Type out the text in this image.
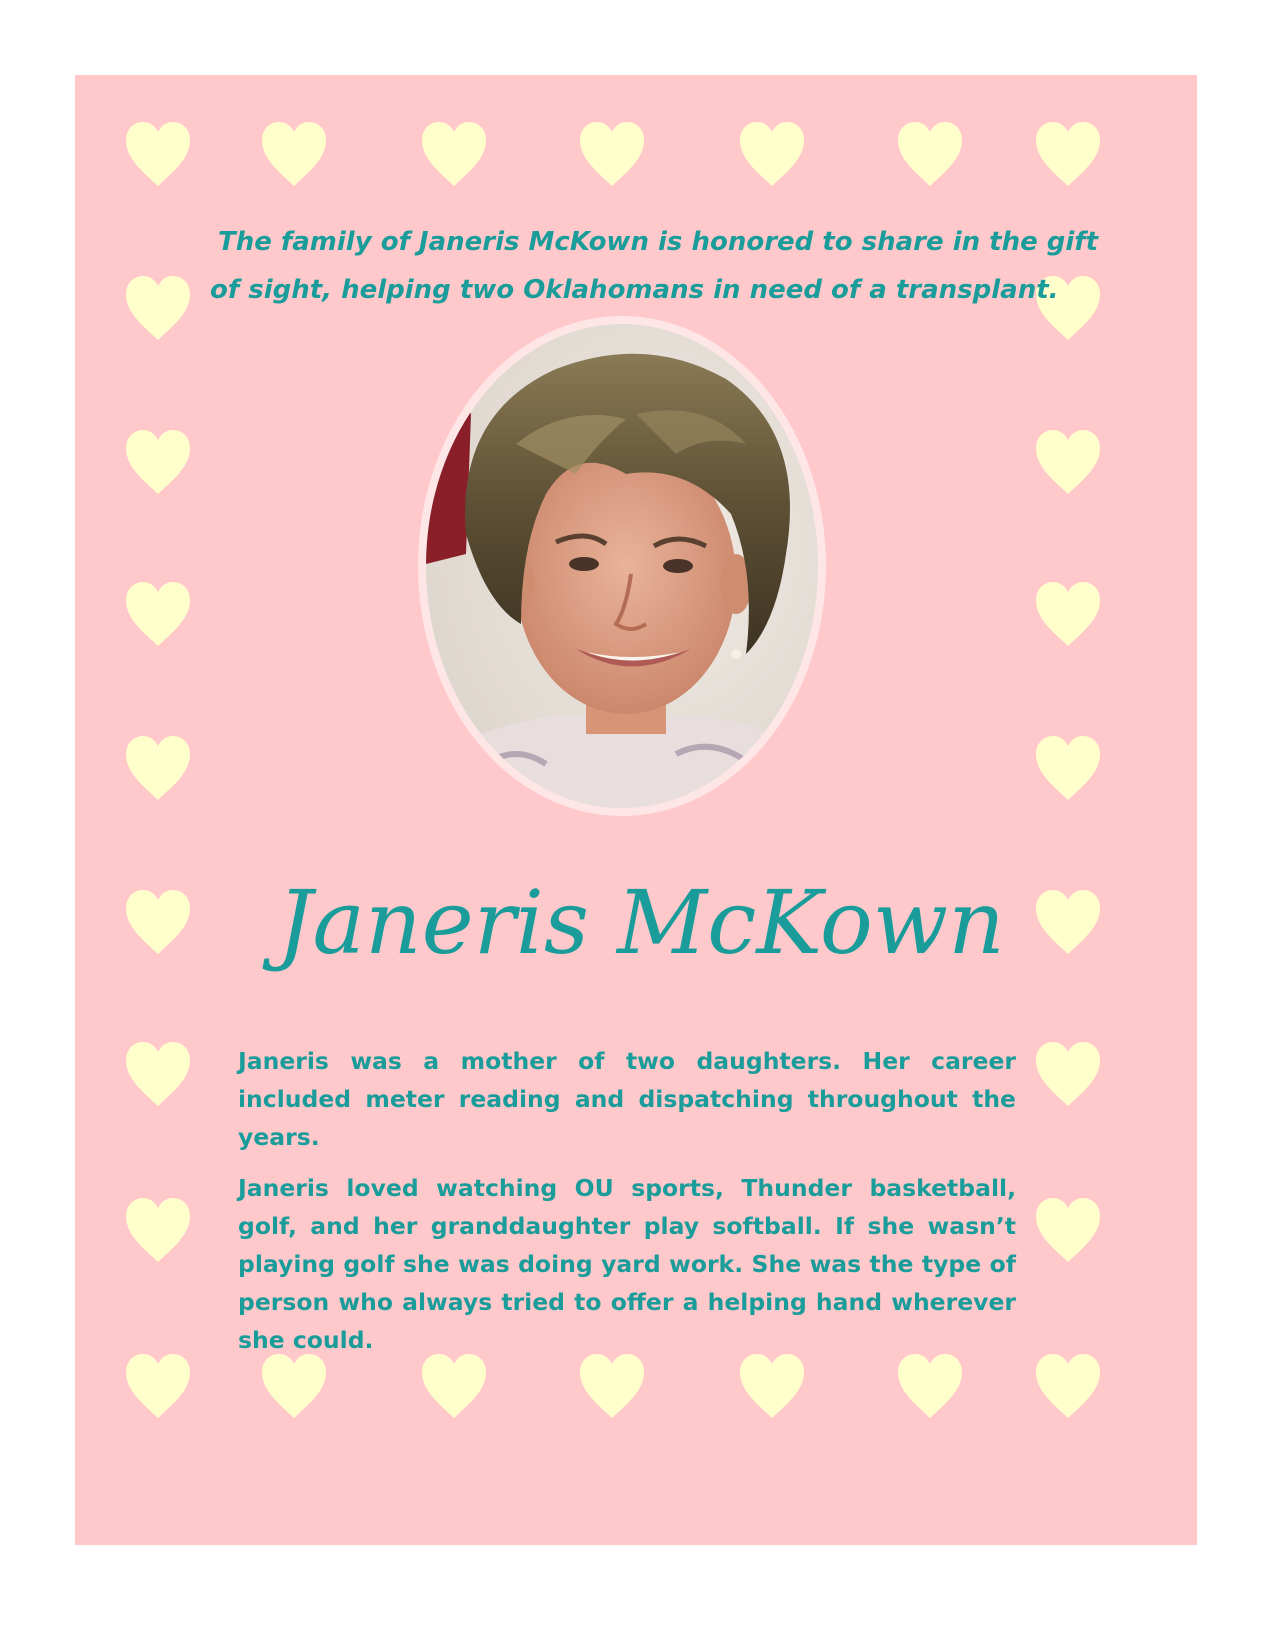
The family of Janeris McKown is honored to share in the gift
of sight, helping two Oklahomans in need of a transplant.

Janeris McKown

Janeris was a mother of two daughters. Her career included meter reading and dispatching throughout the years.

Janeris loved watching OU sports, Thunder basketball, golf, and her granddaughter play softball. If she wasn’t playing golf she was doing yard work. She was the type of person who always tried to offer a helping hand wherever she could.
